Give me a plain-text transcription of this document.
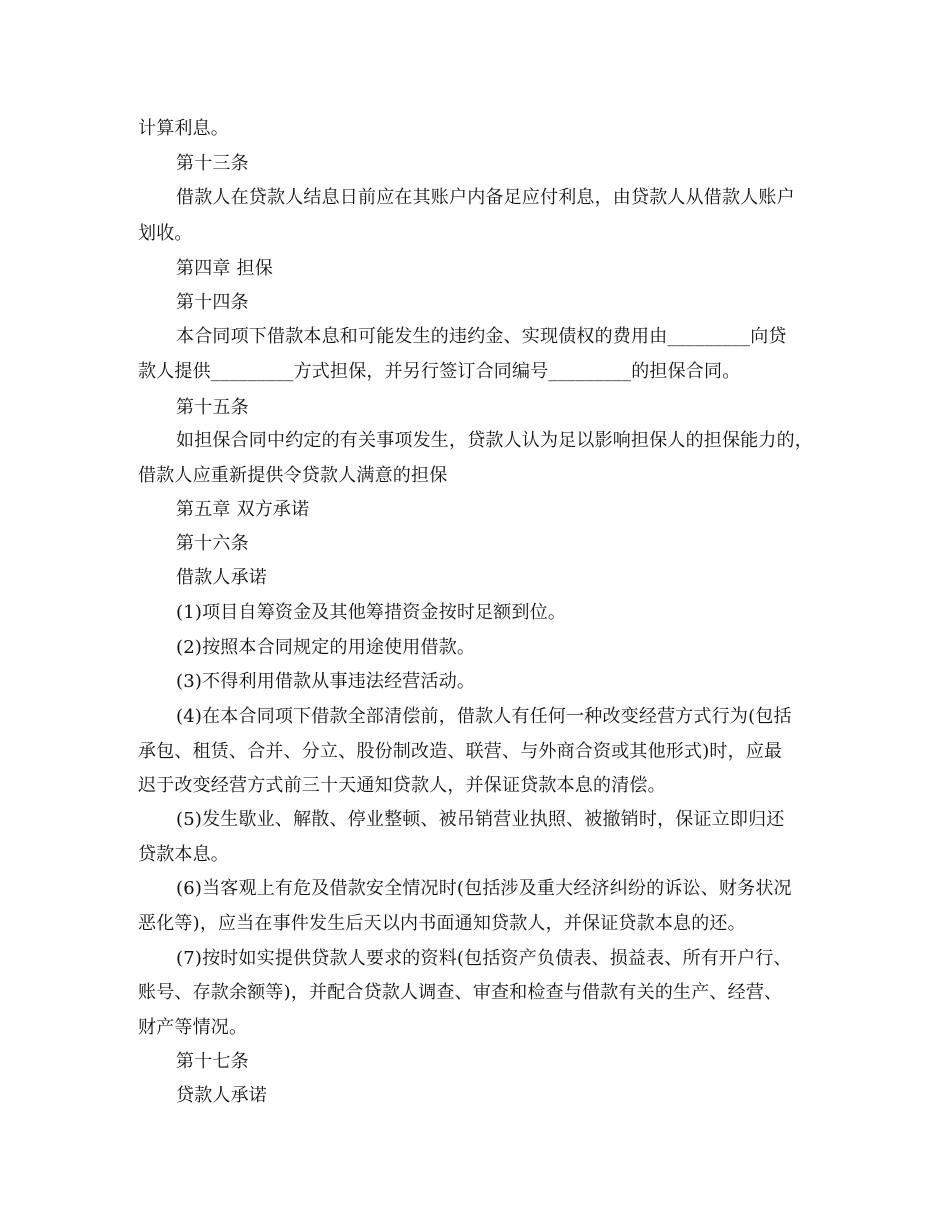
计算利息。
第十三条
借款人在贷款人结息日前应在其账户内备足应付利息，由贷款人从借款人账户
划收。
第四章 担保
第十四条
本合同项下借款本息和可能发生的违约金、实现债权的费用由_________向贷
款人提供_________方式担保，并另行签订合同编号_________的担保合同。
第十五条
如担保合同中约定的有关事项发生，贷款人认为足以影响担保人的担保能力的，
借款人应重新提供令贷款人满意的担保
第五章 双方承诺
第十六条
借款人承诺
(1)项目自筹资金及其他筹措资金按时足额到位。
(2)按照本合同规定的用途使用借款。
(3)不得利用借款从事违法经营活动。
(4)在本合同项下借款全部清偿前，借款人有任何一种改变经营方式行为(包括
承包、租赁、合并、分立、股份制改造、联营、与外商合资或其他形式)时，应最
迟于改变经营方式前三十天通知贷款人，并保证贷款本息的清偿。
(5)发生歇业、解散、停业整顿、被吊销营业执照、被撤销时，保证立即归还
贷款本息。
(6)当客观上有危及借款安全情况时(包括涉及重大经济纠纷的诉讼、财务状况
恶化等)，应当在事件发生后天以内书面通知贷款人，并保证贷款本息的还。
(7)按时如实提供贷款人要求的资料(包括资产负债表、损益表、所有开户行、
账号、存款余额等)，并配合贷款人调查、审查和检查与借款有关的生产、经营、
财产等情况。
第十七条
贷款人承诺
